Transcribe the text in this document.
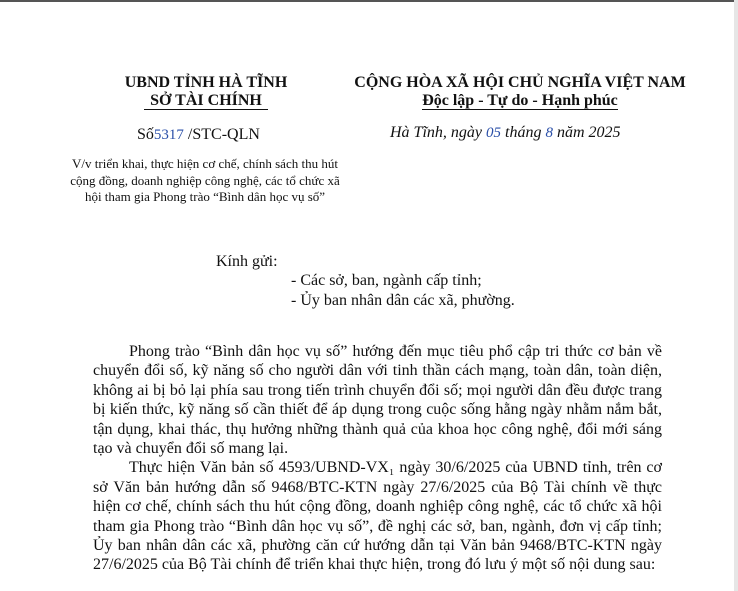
UBND TỈNH HÀ TĨNH
SỞ TÀI CHÍNH
CỘNG HÒA XÃ HỘI CHỦ NGHĨA VIỆT NAM
Độc lập - Tự do - Hạnh phúc
Số5317 /STC-QLN	Hà Tĩnh, ngày 05 tháng 8 năm 2025
V/v triển khai, thực hiện cơ chế, chính sách thu hút cộng đồng, doanh nghiệp công nghệ, các tổ chức xã hội tham gia Phong trào “Bình dân học vụ số”
Kính gửi:
- Các sở, ban, ngành cấp tỉnh;
- Ủy ban nhân dân các xã, phường.

Phong trào “Bình dân học vụ số” hướng đến mục tiêu phổ cập tri thức cơ bản về chuyển đổi số, kỹ năng số cho người dân với tinh thần cách mạng, toàn dân, toàn diện, không ai bị bỏ lại phía sau trong tiến trình chuyển đổi số; mọi người dân đều được trang bị kiến thức, kỹ năng số cần thiết để áp dụng trong cuộc sống hằng ngày nhằm nắm bắt, tận dụng, khai thác, thụ hưởng những thành quả của khoa học công nghệ, đổi mới sáng tạo và chuyển đổi số mang lại.

Thực hiện Văn bản số 4593/UBND-VX₁ ngày 30/6/2025 của UBND tỉnh, trên cơ sở Văn bản hướng dẫn số 9468/BTC-KTN ngày 27/6/2025 của Bộ Tài chính về thực hiện cơ chế, chính sách thu hút cộng đồng, doanh nghiệp công nghệ, các tổ chức xã hội tham gia Phong trào “Bình dân học vụ số”, đề nghị các sở, ban, ngành, đơn vị cấp tỉnh; Ủy ban nhân dân các xã, phường căn cứ hướng dẫn tại Văn bản 9468/BTC-KTN ngày 27/6/2025 của Bộ Tài chính để triển khai thực hiện, trong đó lưu ý một số nội dung sau:
